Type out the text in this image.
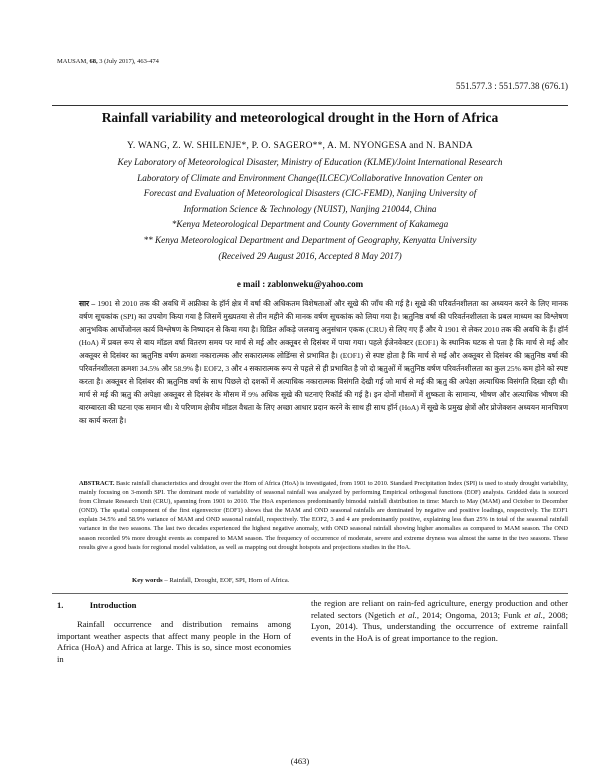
MAUSAM, 68, 3 (July 2017), 463-474
551.577.3 : 551.577.38 (676.1)
Rainfall variability and meteorological drought in the Horn of Africa
Y. WANG, Z. W. SHILENJE*, P. O. SAGERO**, A. M. NYONGESA and N. BANDA
Key Laboratory of Meteorological Disaster, Ministry of Education (KLME)/Joint International Research
Laboratory of Climate and Environment Change(ILCEC)/Collaborative Innovation Center on
Forecast and Evaluation of Meteorological Disasters (CIC-FEMD), Nanjing University of
Information Science & Technology (NUIST), Nanjing 210044, China
*Kenya Meteorological Department and County Government of Kakamega
** Kenya Meteorological Department and Department of Geography, Kenyatta University
(Received 29 August 2016, Accepted 8 May 2017)
e mail : zablonweku@yahoo.com
सार – 1901 से 2010 तक की अवधि में अफ्रीका के हॉर्न क्षेत्र में वर्षा की अधिकतम विशेषताओं और सूखे की जाँच की गई है। सूखे की परिवर्तनशीलता का अध्ययन करने के लिए मानक वर्षण सूचकांक (SPI) का उपयोग किया गया है जिसमें मुख्यतया से तीन महीने की मानक वर्षण सूचकांक को लिया गया है। ऋतुनिष्ठ वर्षा की परिवर्तनशीलता के प्रबल माध्यम का विश्लेषण आनुभविक आर्थोजोनल कार्य विश्लेषण के निष्पादन से किया गया है। ग्रिडित आँकड़े जलवायु अनुसंधान एकक (CRU) से लिए गए हैं और ये 1901 से लेकर 2010 तक की अवधि के हैं। हॉर्न (HoA) में प्रबल रूप से बाय मॉडल वर्षा वितरण समय पर मार्च से मई और अक्तूबर से दिसंबर में पाया गया। पहले ईजेनवेक्टर (EOF1) के स्थानिक घटक से पता है कि मार्च से मई और अक्तूबर से दिसंबर का ऋतुनिष्ठ वर्षण क्रमशः नकारात्मक और सकारात्मक लोडिंग्स से प्रभावित है। (EOF1) से स्पष्ट होता है कि मार्च से मई और अक्तूबर से दिसंबर की ऋतुनिष्ठ वर्षा की परिवर्तनशीलता क्रमशः 34.5% और 58.9% है। EOF2, 3 और 4 सकारात्मक रूप से पहले से ही प्रभावित है जो दो ऋतुओं में ऋतुनिष्ठ वर्षण परिवर्तनशीलता का कुल 25% कम होने को स्पष्ट करता है। अक्तूबर से दिसंबर की ऋतुनिष्ठ वर्षा के साथ पिछले दो दशकों में अत्याधिक नकारात्मक विसंगति देखी गई जो मार्च से मई की ऋतु की अपेक्षा अत्याधिक विसंगति दिखा रही थी। मार्च से मई की ऋतु की अपेक्षा अक्तूबर से दिसंबर के मौसम में 9% अधिक सूखे की घटनाएं रिकॉर्ड की गई है। इन दोनों मौसमों में शुष्कता के सामान्य, भीषण और अत्याधिक भीषण की बारम्बारता की घटना एक समान थी। ये परिणाम क्षेत्रीय मॉडल वैधता के लिए अच्छा आधार प्रदान करने के साथ ही साथ हॉर्न (HoA) में सूखे के प्रमुख क्षेत्रों और प्रोजेक्शन अध्ययन मानचित्रण का कार्य करता है।
ABSTRACT. Basic rainfall characteristics and drought over the Horn of Africa (HoA) is investigated, from 1901 to 2010. Standard Precipitation Index (SPI) is used to study drought variability, mainly focusing on 3-month SPI. The dominant mode of variability of seasonal rainfall was analyzed by performing Empirical orthogonal functions (EOF) analysis. Gridded data is sourced from Climate Research Unit (CRU), spanning from 1901 to 2010. The HoA experiences predominantly bimodal rainfall distribution in time: March to May (MAM) and October to December (OND). The spatial component of the first eigenvector (EOF1) shows that the MAM and OND seasonal rainfalls are dominated by negative and positive loadings, respectively. The EOF1 explain 34.5% and 58.9% variance of MAM and OND seasonal rainfall, respectively. The EOF2, 3 and 4 are predominantly positive, explaining less than 25% in total of the seasonal rainfall variance in the two seasons. The last two decades experienced the highest negative anomaly, with OND seasonal rainfall showing higher anomalies as compared to MAM season. The OND season recorded 9% more drought events as compared to MAM season. The frequency of occurrence of moderate, severe and extreme dryness was almost the same in the two seasons. These results give a good basis for regional model validation, as well as mapping out drought hotspots and projections studies in the HoA.
Key words – Rainfall, Drought, EOF, SPI, Horn of Africa.
1.	Introduction
Rainfall occurrence and distribution remains among important weather aspects that affect many people in the Horn of Africa (HoA) and Africa at large. This is so, since most economies in
the region are reliant on rain-fed agriculture, energy production and other related sectors (Ngetich et al., 2014; Ongoma, 2013; Funk et al., 2008; Lyon, 2014). Thus, understanding the occurrence of extreme rainfall events in the HoA is of great importance to the region.
(463)
